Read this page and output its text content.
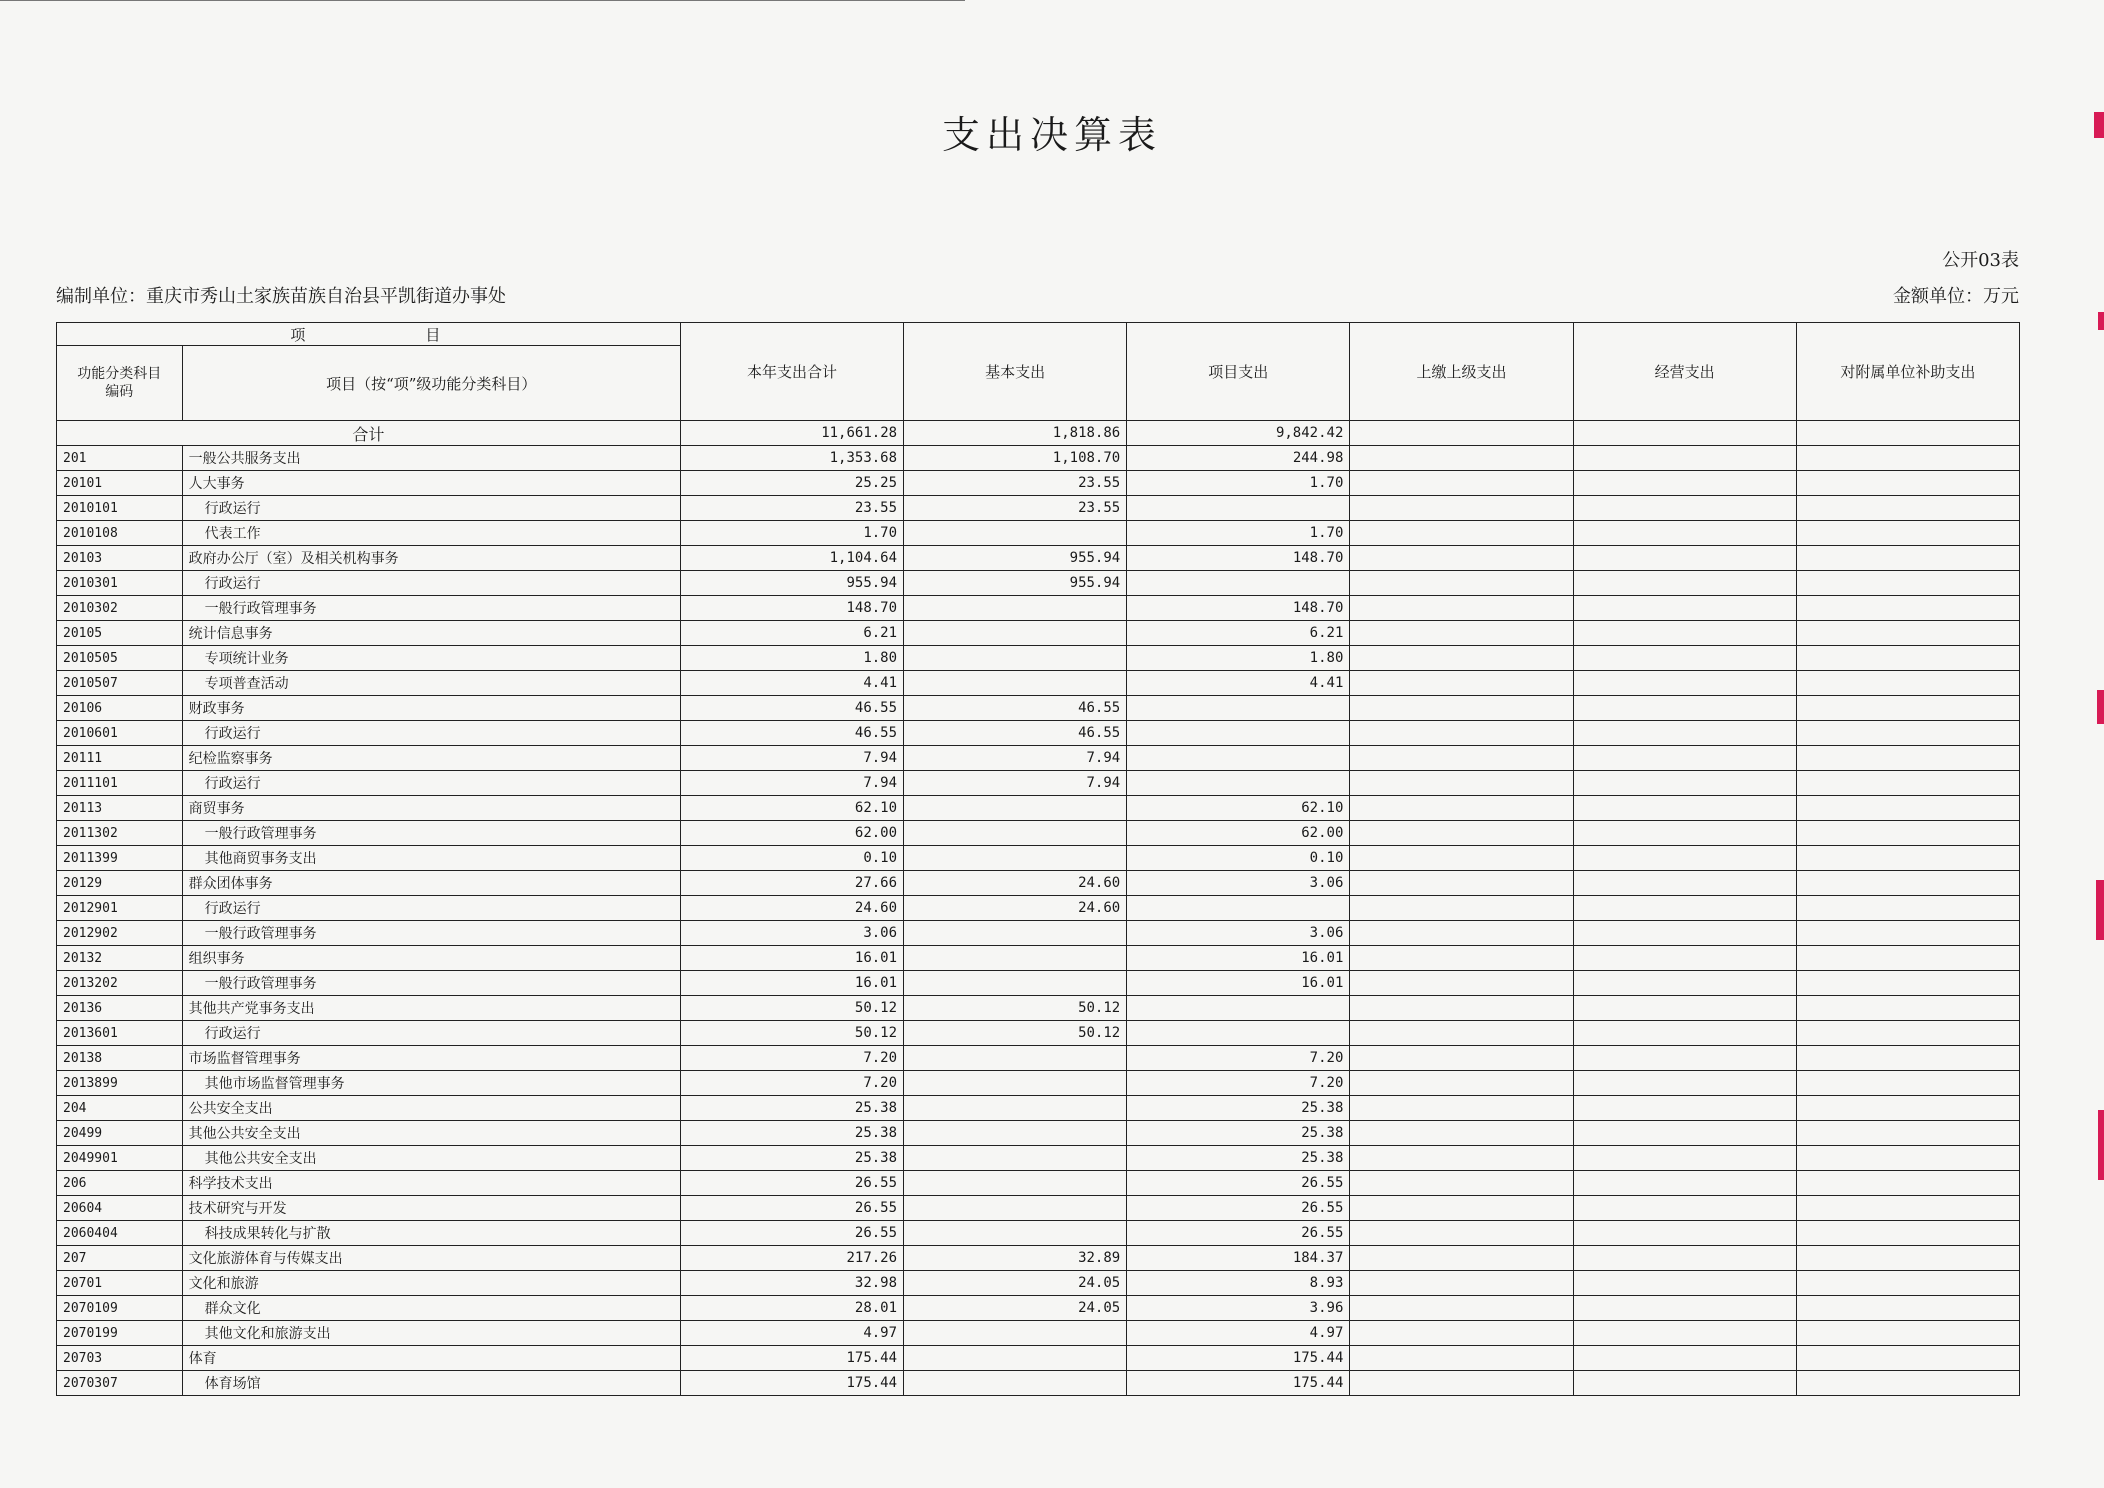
支出决算表
公开03表
编制单位：重庆市秀山土家族苗族自治县平凯街道办事处	金额单位：万元
项目		本年支出合计	基本支出	项目支出	上缴上级支出	经营支出	对附属单位补助支出
功能分类科目编码	项目（按“项”级功能分类科目）						
合计		11,661.28	1,818.86	9,842.42			
201	一般公共服务支出	1,353.68	1,108.70	244.98			
20101	人大事务	25.25	23.55	1.70			
2010101	行政运行	23.55	23.55				
2010108	代表工作	1.70		1.70			
20103	政府办公厅（室）及相关机构事务	1,104.64	955.94	148.70			
2010301	行政运行	955.94	955.94				
2010302	一般行政管理事务	148.70		148.70			
20105	统计信息事务	6.21		6.21			
2010505	专项统计业务	1.80		1.80			
2010507	专项普查活动	4.41		4.41			
20106	财政事务	46.55	46.55				
2010601	行政运行	46.55	46.55				
20111	纪检监察事务	7.94	7.94				
2011101	行政运行	7.94	7.94				
20113	商贸事务	62.10		62.10			
2011302	一般行政管理事务	62.00		62.00			
2011399	其他商贸事务支出	0.10		0.10			
20129	群众团体事务	27.66	24.60	3.06			
2012901	行政运行	24.60	24.60				
2012902	一般行政管理事务	3.06		3.06			
20132	组织事务	16.01		16.01			
2013202	一般行政管理事务	16.01		16.01			
20136	其他共产党事务支出	50.12	50.12				
2013601	行政运行	50.12	50.12				
20138	市场监督管理事务	7.20		7.20			
2013899	其他市场监督管理事务	7.20		7.20			
204	公共安全支出	25.38		25.38			
20499	其他公共安全支出	25.38		25.38			
2049901	其他公共安全支出	25.38		25.38			
206	科学技术支出	26.55		26.55			
20604	技术研究与开发	26.55		26.55			
2060404	科技成果转化与扩散	26.55		26.55			
207	文化旅游体育与传媒支出	217.26	32.89	184.37			
20701	文化和旅游	32.98	24.05	8.93			
2070109	群众文化	28.01	24.05	3.96			
2070199	其他文化和旅游支出	4.97		4.97			
20703	体育	175.44		175.44			
2070307	体育场馆	175.44		175.44			
